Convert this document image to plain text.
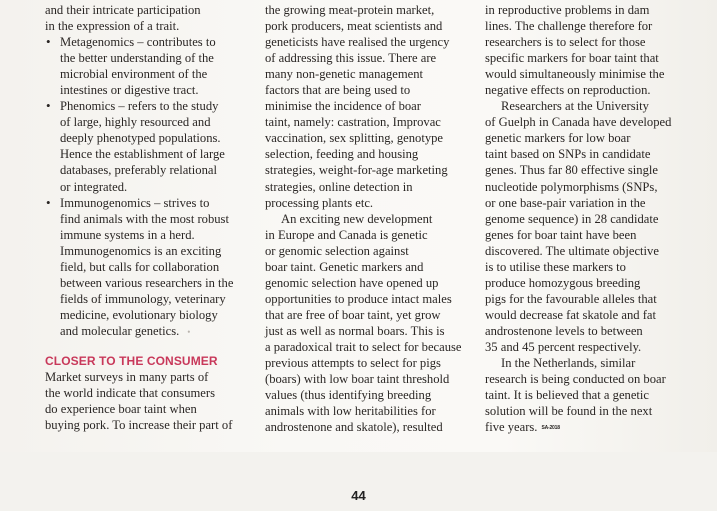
and their intricate participation
in the expression of a trait.

• Metagenomics – contributes to
the better understanding of the
microbial environment of the
intestines or digestive tract.
• Phenomics – refers to the study
of large, highly resourced and
deeply phenotyped populations.
Hence the establishment of large
databases, preferably relational
or integrated.
• Immunogenomics – strives to
find animals with the most robust
immune systems in a herd.
Immunogenomics is an exciting
field, but calls for collaboration
between various researchers in the
fields of immunology, veterinary
medicine, evolutionary biology
and molecular genetics. •

CLOSER TO THE CONSUMER

Market surveys in many parts of
the world indicate that consumers
do experience boar taint when
buying pork. To increase their part of

the growing meat-protein market,
pork producers, meat scientists and
geneticists have realised the urgency
of addressing this issue. There are
many non-genetic management
factors that are being used to
minimise the incidence of boar
taint, namely: castration, Improvac
vaccination, sex splitting, genotype
selection, feeding and housing
strategies, weight-for-age marketing
strategies, online detection in
processing plants etc.

An exciting new development
in Europe and Canada is genetic
or genomic selection against
boar taint. Genetic markers and
genomic selection have opened up
opportunities to produce intact males
that are free of boar taint, yet grow
just as well as normal boars. This is
a paradoxical trait to select for because
previous attempts to select for pigs
(boars) with low boar taint threshold
values (thus identifying breeding
animals with low heritabilities for
androstenone and skatole), resulted

in reproductive problems in dam
lines. The challenge therefore for
researchers is to select for those
specific markers for boar taint that
would simultaneously minimise the
negative effects on reproduction.

Researchers at the University
of Guelph in Canada have developed
genetic markers for low boar
taint based on SNPs in candidate
genes. Thus far 80 effective single
nucleotide polymorphisms (SNPs,
or one base-pair variation in the
genome sequence) in 28 candidate
genes for boar taint have been
discovered. The ultimate objective
is to utilise these markers to
produce homozygous breeding
pigs for the favourable alleles that
would decrease fat skatole and fat
androstenone levels to between
35 and 45 percent respectively.

In the Netherlands, similar
research is being conducted on boar
taint. It is believed that a genetic
solution will be found in the next
five years. SA-2018

44
